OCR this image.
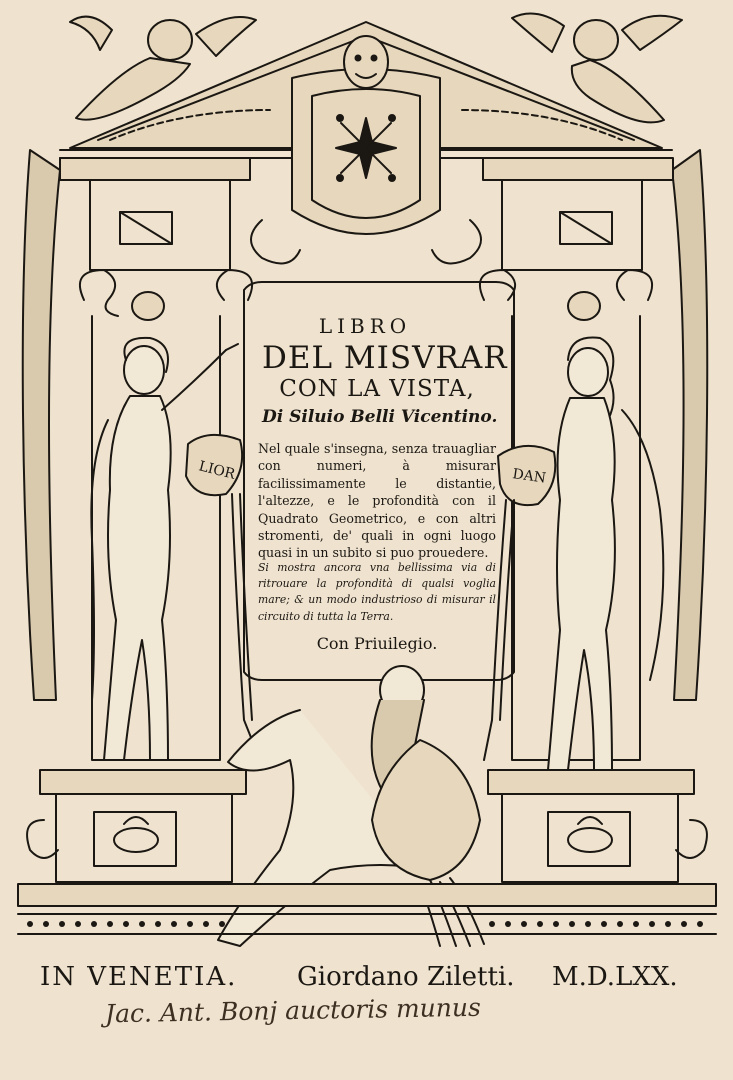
LIOR	DAN
LIBRO
DEL MISVRAR
CON LA VISTA,
Di Siluio Belli Vicentino.
Nel quale s'insegna, senza trauagliar con numeri, à misurar facilissimamente le distantie, l'altezze, e le profondità con il Quadrato Geometrico, e con altri stromenti, de' quali in ogni luogo quasi in un subito si puo prouedere.
Si mostra ancora vna bellissima via di ritrouare la profondità di qualsi voglia mare; & un modo industrioso di misurar il circuito di tutta la Terra.
Con Priuilegio.
IN VENETIA. Giordano Ziletti. M.D.LXX.
Jac. Ant. Bonj auctoris munus
